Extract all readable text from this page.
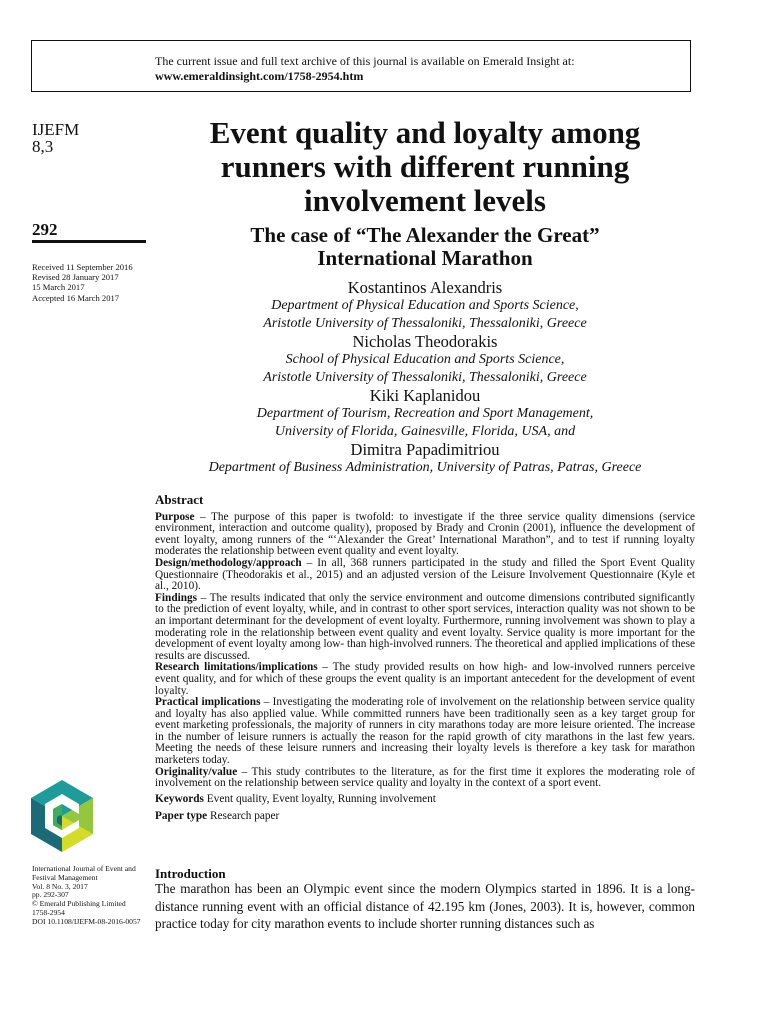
The current issue and full text archive of this journal is available on Emerald Insight at:
www.emeraldinsight.com/1758-2954.htm
IJEFM
8,3
292
Received 11 September 2016
Revised 28 January 2017
15 March 2017
Accepted 16 March 2017
Event quality and loyalty among
runners with different running
involvement levels
The case of “The Alexander the Great”
International Marathon
Kostantinos Alexandris
Department of Physical Education and Sports Science,
Aristotle University of Thessaloniki, Thessaloniki, Greece
Nicholas Theodorakis
School of Physical Education and Sports Science,
Aristotle University of Thessaloniki, Thessaloniki, Greece
Kiki Kaplanidou
Department of Tourism, Recreation and Sport Management,
University of Florida, Gainesville, Florida, USA, and
Dimitra Papadimitriou
Department of Business Administration, University of Patras, Patras, Greece
Abstract

Purpose – The purpose of this paper is twofold: to investigate if the three service quality dimensions (service environment, interaction and outcome quality), proposed by Brady and Cronin (2001), influence the development of event loyalty, among runners of the “‘Alexander the Great’ International Marathon”, and to test if running loyalty moderates the relationship between event quality and event loyalty.

Design/methodology/approach – In all, 368 runners participated in the study and filled the Sport Event Quality Questionnaire (Theodorakis et al., 2015) and an adjusted version of the Leisure Involvement Questionnaire (Kyle et al., 2010).

Findings – The results indicated that only the service environment and outcome dimensions contributed significantly to the prediction of event loyalty, while, and in contrast to other sport services, interaction quality was not shown to be an important determinant for the development of event loyalty. Furthermore, running involvement was shown to play a moderating role in the relationship between event quality and event loyalty. Service quality is more important for the development of event loyalty among low- than high-involved runners. The theoretical and applied implications of these results are discussed.

Research limitations/implications – The study provided results on how high- and low-involved runners perceive event quality, and for which of these groups the event quality is an important antecedent for the development of event loyalty.

Practical implications – Investigating the moderating role of involvement on the relationship between service quality and loyalty has also applied value. While committed runners have been traditionally seen as a key target group for event marketing professionals, the majority of runners in city marathons today are more leisure oriented. The increase in the number of leisure runners is actually the reason for the rapid growth of city marathons in the last few years. Meeting the needs of these leisure runners and increasing their loyalty levels is therefore a key task for marathon marketers today.

Originality/value – This study contributes to the literature, as for the first time it explores the moderating role of involvement on the relationship between service quality and loyalty in the context of a sport event.

Keywords Event quality, Event loyalty, Running involvement
Paper type Research paper
International Journal of Event and
Festival Management
Vol. 8 No. 3, 2017
pp. 292-307
© Emerald Publishing Limited
1758-2954
DOI 10.1108/IJEFM-08-2016-0057
Introduction
The marathon has been an Olympic event since the modern Olympics started in 1896. It is a long-distance running event with an official distance of 42.195 km (Jones, 2003). It is, however, common practice today for city marathon events to include shorter running distances such as
